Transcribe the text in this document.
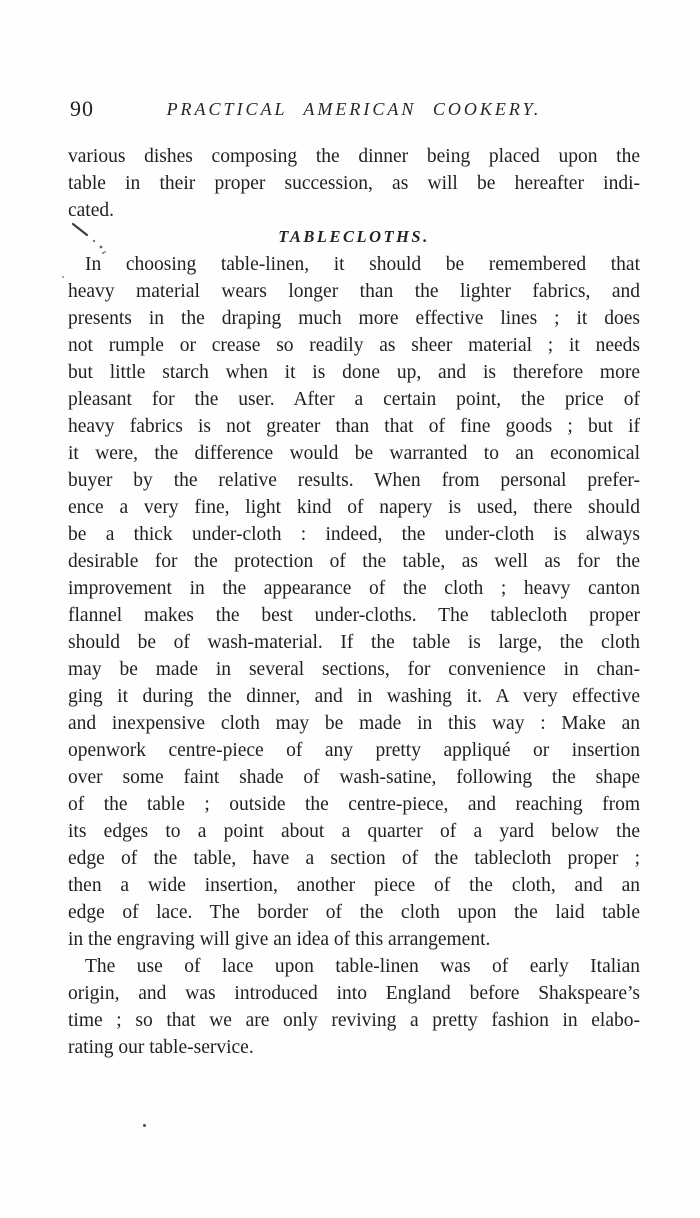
90	PRACTICAL AMERICAN COOKERY.
various dishes composing the dinner being placed upon the
table in their proper succession, as will be hereafter indi-
cated.
TABLECLOTHS.
In choosing table-linen, it should be remembered that
heavy material wears longer than the lighter fabrics, and
presents in the draping much more effective lines ; it does
not rumple or crease so readily as sheer material ; it needs
but little starch when it is done up, and is therefore more
pleasant for the user. After a certain point, the price of
heavy fabrics is not greater than that of fine goods ; but if
it were, the difference would be warranted to an economical
buyer by the relative results. When from personal prefer-
ence a very fine, light kind of napery is used, there should
be a thick under-cloth : indeed, the under-cloth is always
desirable for the protection of the table, as well as for the
improvement in the appearance of the cloth ; heavy canton
flannel makes the best under-cloths. The tablecloth proper
should be of wash-material. If the table is large, the cloth
may be made in several sections, for convenience in chan-
ging it during the dinner, and in washing it. A very effective
and inexpensive cloth may be made in this way : Make an
openwork centre-piece of any pretty appliqué or insertion
over some faint shade of wash-satine, following the shape
of the table ; outside the centre-piece, and reaching from
its edges to a point about a quarter of a yard below the
edge of the table, have a section of the tablecloth proper ;
then a wide insertion, another piece of the cloth, and an
edge of lace. The border of the cloth upon the laid table
in the engraving will give an idea of this arrangement.
The use of lace upon table-linen was of early Italian
origin, and was introduced into England before Shakspeare’s
time ; so that we are only reviving a pretty fashion in elabo-
rating our table-service.
